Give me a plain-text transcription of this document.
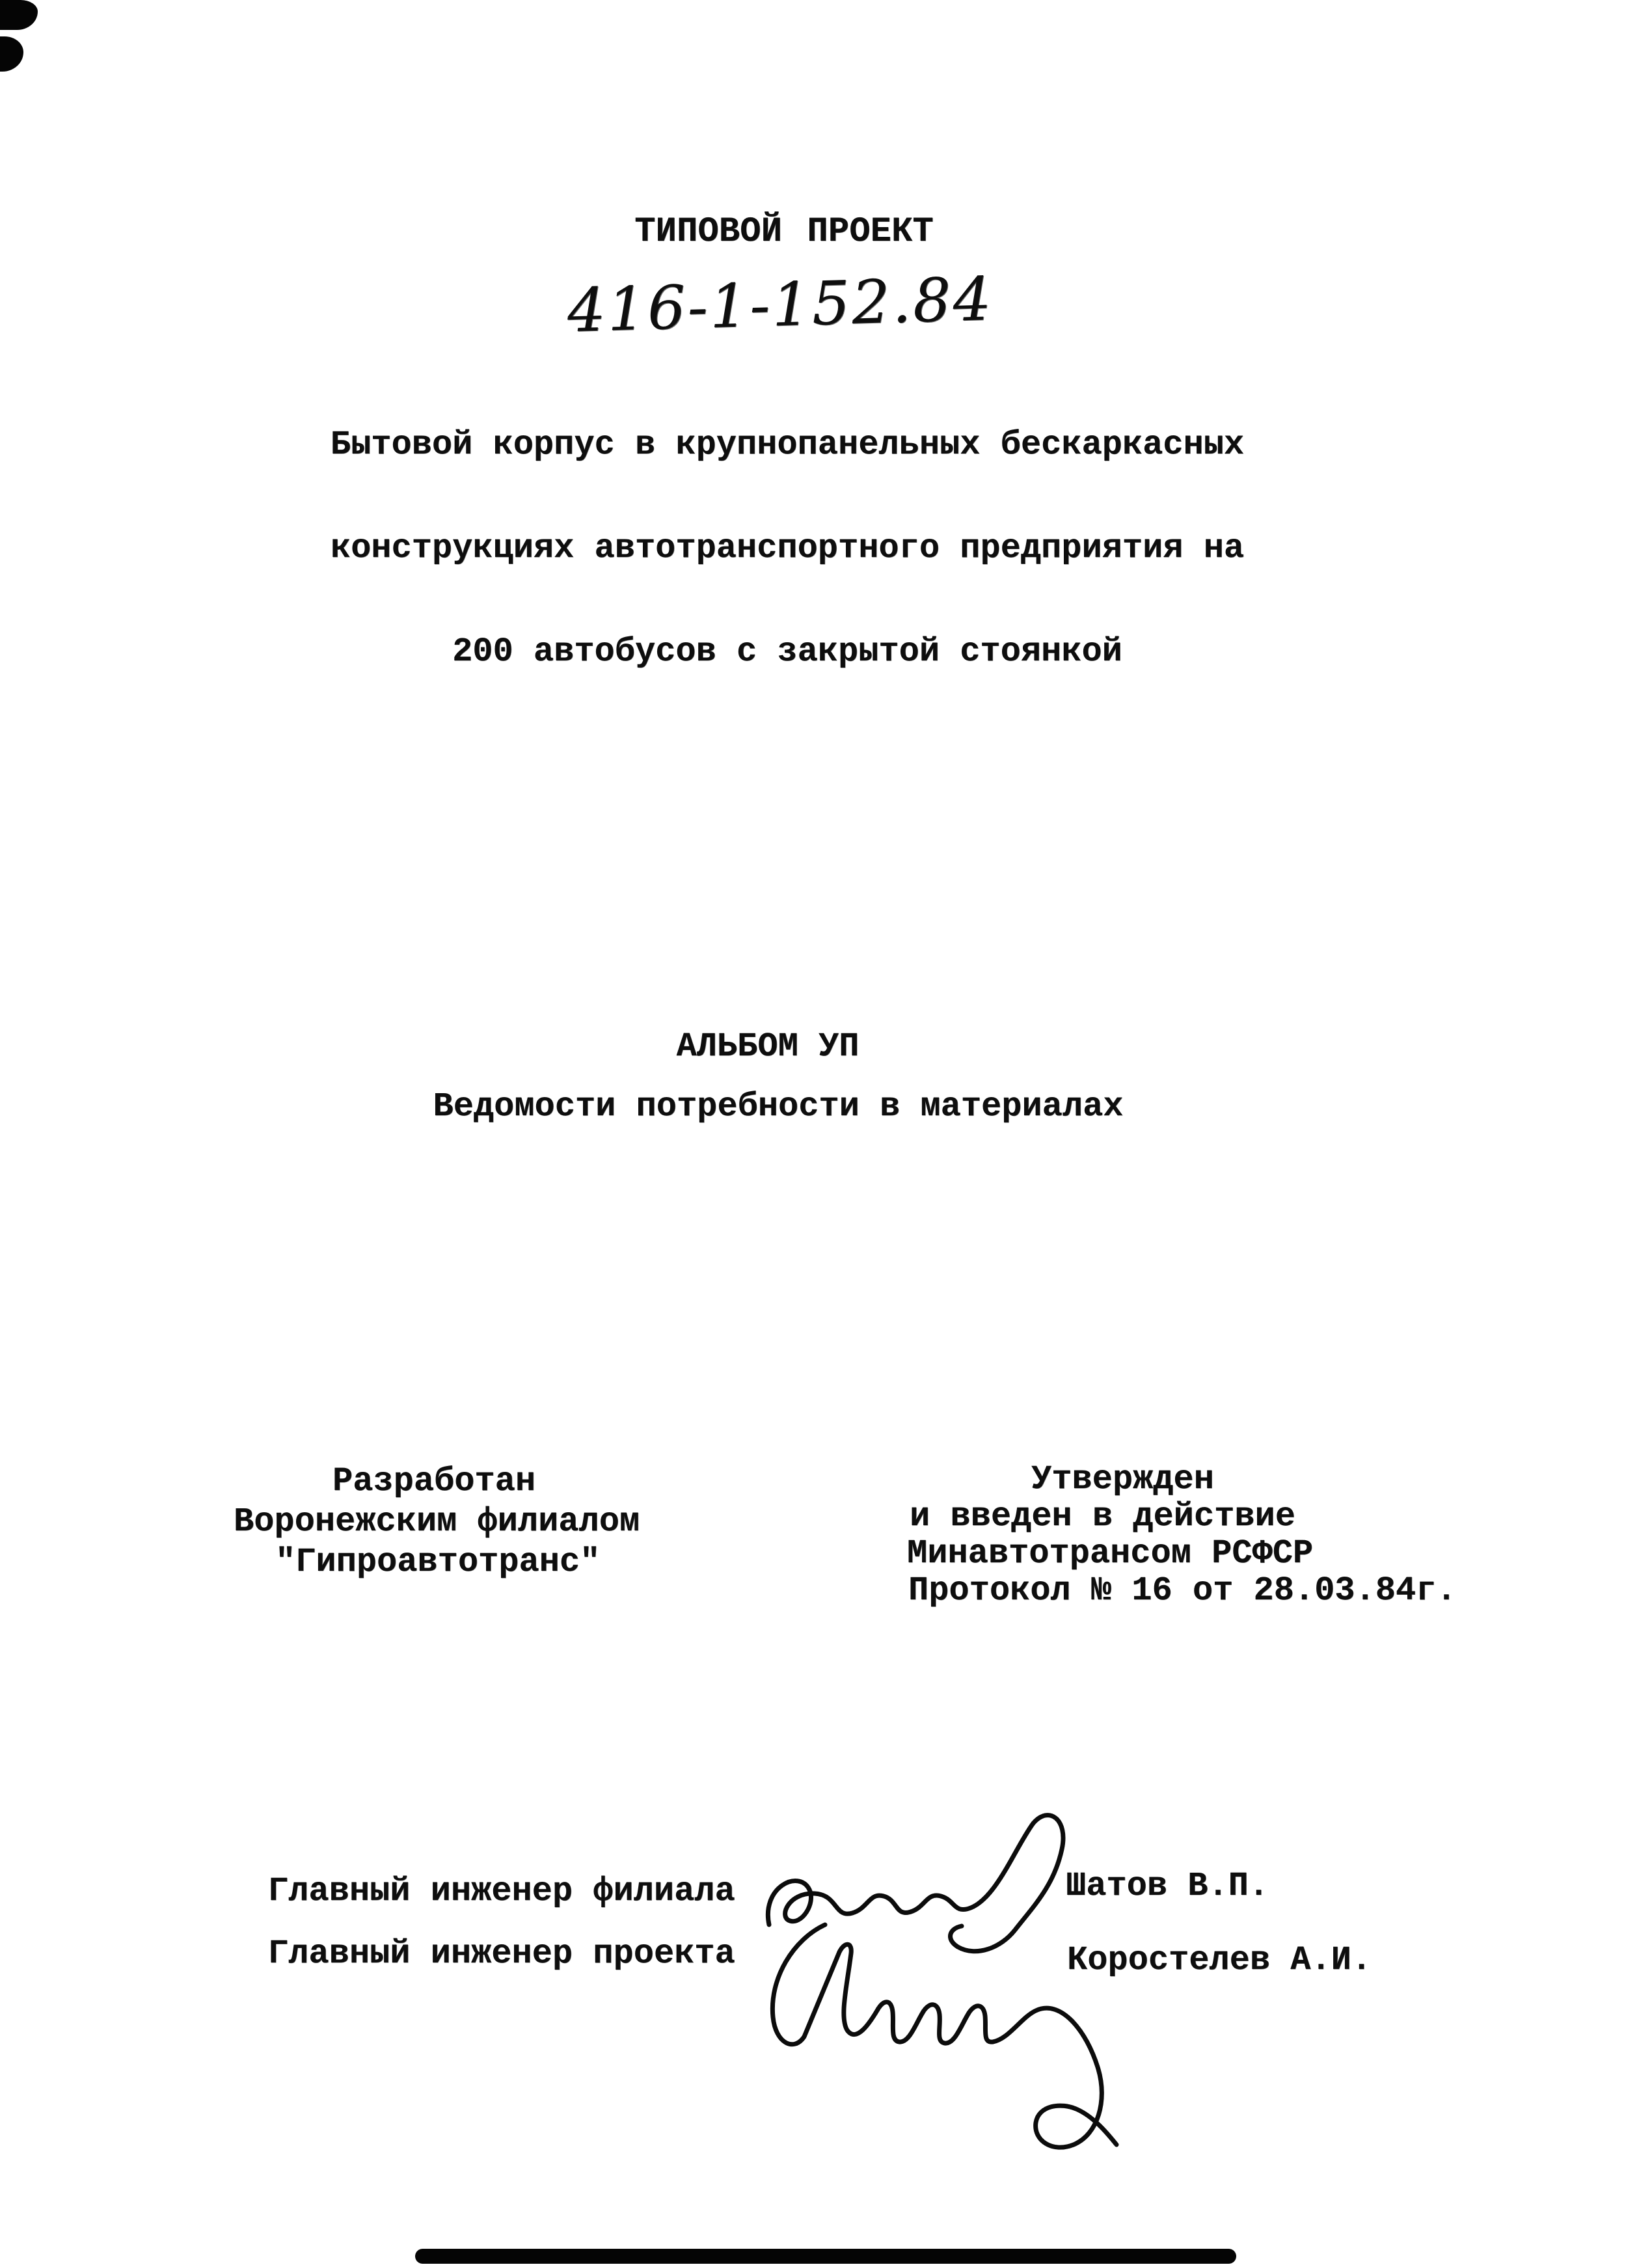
ТИПОВОЙ ПРОЕКТ
416-1-152.84

Бытовой корпус в крупнопанельных бескаркасных

конструкциях автотранспортного предприятия на

200 автобусов с закрытой стоянкой

АЛЬБОМ УП
Ведомости потребности в материалах
Разработан
Воронежским филиалом
"Гипроавтотранс"
Утвержден
и введен в действие
Минавтотрансом РСФСР
Протокол № 16 от 28.03.84г.
Главный инженер филиала	Шатов В.П.
Главный инженер проекта	Коростелев А.И.
